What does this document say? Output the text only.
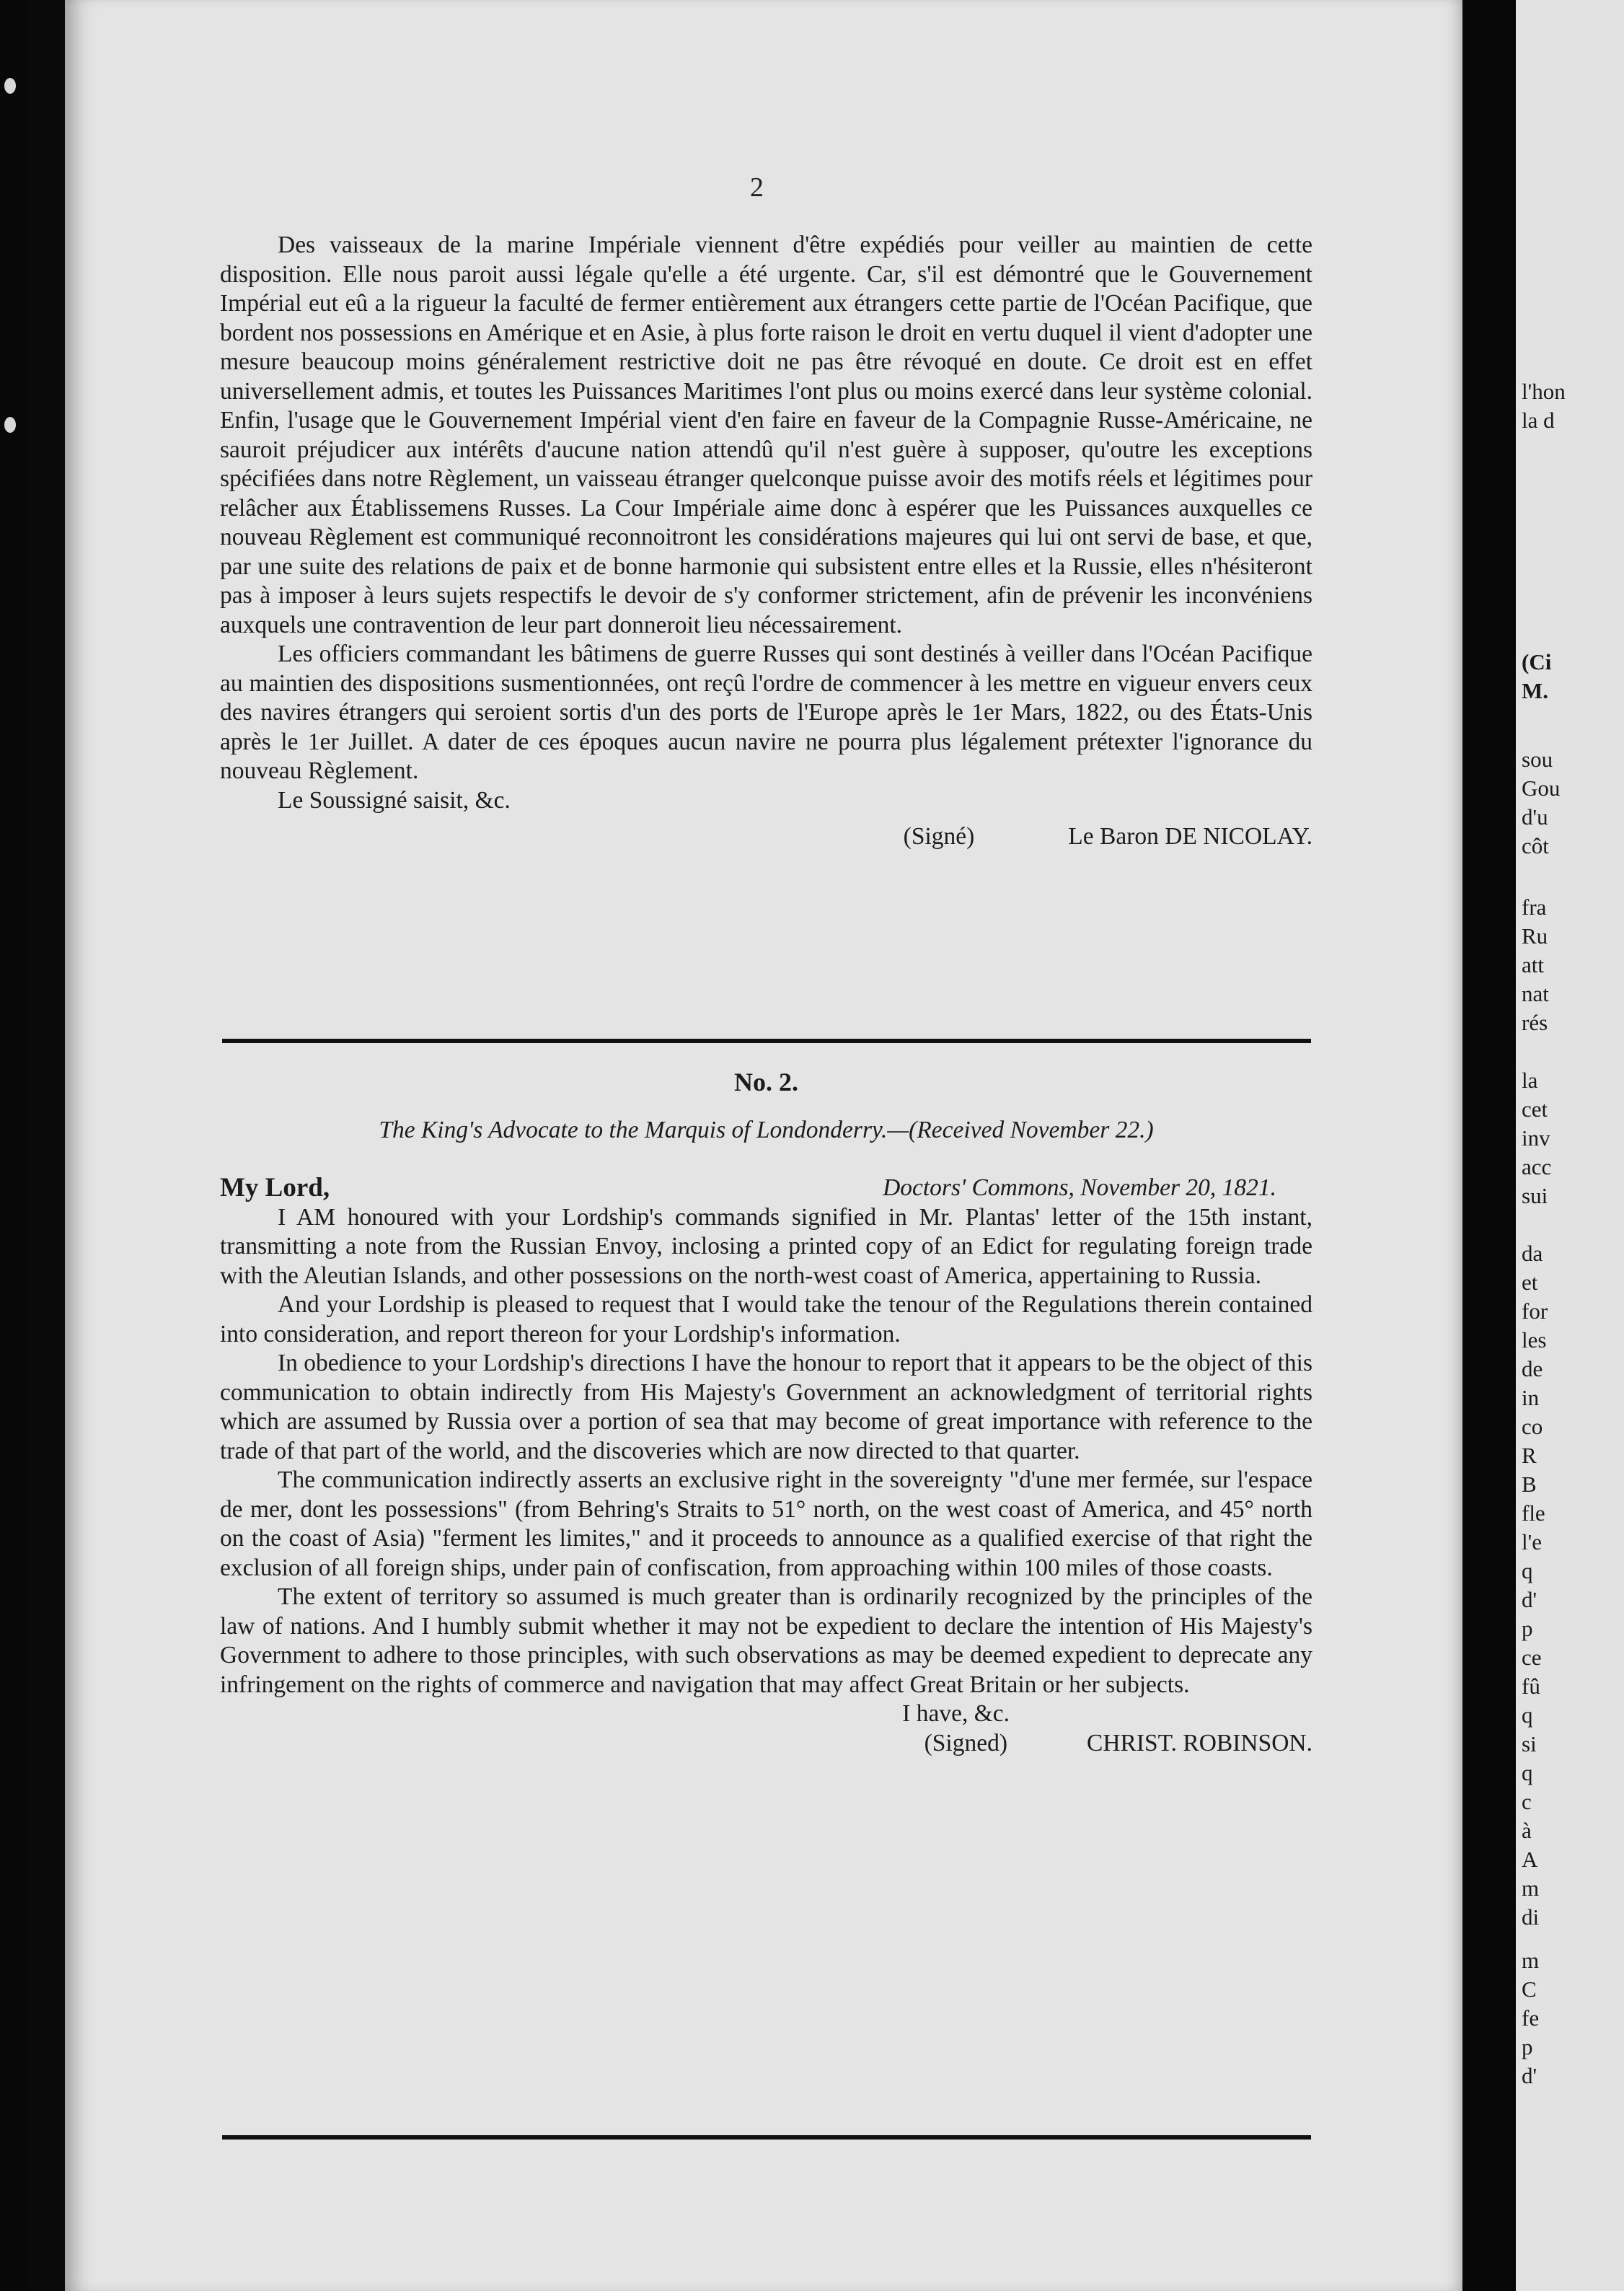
l'hon
la d
(Ci
M.
sou
Gou
d'u
côt
fra
Ru
att
nat
rés
la
cet
inv
acc
sui
da
et
for
les
de
in
co
R
B
fle
l'e
q
d'
p
ce
fû
q
si
q
c
à
A
m
di
m
C
fe
p
d'
2

Des vaisseaux de la marine Impériale viennent d'être expédiés pour veiller au maintien de cette disposition. Elle nous paroit aussi légale qu'elle a été urgente. Car, s'il est démontré que le Gouvernement Impérial eut eû a la rigueur la faculté de fermer entièrement aux étrangers cette partie de l'Océan Pacifique, que bordent nos possessions en Amérique et en Asie, à plus forte raison le droit en vertu duquel il vient d'adopter une mesure beaucoup moins généralement restrictive doit ne pas être révoqué en doute. Ce droit est en effet universellement admis, et toutes les Puissances Maritimes l'ont plus ou moins exercé dans leur système colonial. Enfin, l'usage que le Gouvernement Impérial vient d'en faire en faveur de la Compagnie Russe-Américaine, ne sauroit préjudicer aux intérêts d'aucune nation attendû qu'il n'est guère à supposer, qu'outre les exceptions spécifiées dans notre Règlement, un vaisseau étranger quelconque puisse avoir des motifs réels et légitimes pour relâcher aux Établissemens Russes. La Cour Impériale aime donc à espérer que les Puissances auxquelles ce nouveau Règlement est communiqué reconnoitront les considérations majeures qui lui ont servi de base, et que, par une suite des relations de paix et de bonne harmonie qui subsistent entre elles et la Russie, elles n'hésiteront pas à imposer à leurs sujets respectifs le devoir de s'y conformer strictement, afin de prévenir les inconvéniens auxquels une contravention de leur part donneroit lieu nécessairement.

Les officiers commandant les bâtimens de guerre Russes qui sont destinés à veiller dans l'Océan Pacifique au maintien des dispositions susmentionnées, ont reçû l'ordre de commencer à les mettre en vigueur envers ceux des navires étrangers qui seroient sortis d'un des ports de l'Europe après le 1er Mars, 1822, ou des États-Unis après le 1er Juillet. A dater de ces époques aucun navire ne pourra plus légalement prétexter l'ignorance du nouveau Règlement.

Le Soussigné saisit, &c.

(Signé)	Le Baron DE NICOLAY.

No. 2.

The King's Advocate to the Marquis of Londonderry.—(Received November 22.)

My Lord,	Doctors' Commons, November 20, 1821.

I AM honoured with your Lordship's commands signified in Mr. Plantas' letter of the 15th instant, transmitting a note from the Russian Envoy, inclosing a printed copy of an Edict for regulating foreign trade with the Aleutian Islands, and other possessions on the north-west coast of America, appertaining to Russia.

And your Lordship is pleased to request that I would take the tenour of the Regulations therein contained into consideration, and report thereon for your Lordship's information.

In obedience to your Lordship's directions I have the honour to report that it appears to be the object of this communication to obtain indirectly from His Majesty's Government an acknowledgment of territorial rights which are assumed by Russia over a portion of sea that may become of great importance with reference to the trade of that part of the world, and the discoveries which are now directed to that quarter.

The communication indirectly asserts an exclusive right in the sovereignty "d'une mer fermée, sur l'espace de mer, dont les possessions" (from Behring's Straits to 51° north, on the west coast of America, and 45° north on the coast of Asia) "ferment les limites," and it proceeds to announce as a qualified exercise of that right the exclusion of all foreign ships, under pain of confiscation, from approaching within 100 miles of those coasts.

The extent of territory so assumed is much greater than is ordinarily recognized by the principles of the law of nations. And I humbly submit whether it may not be expedient to declare the intention of His Majesty's Government to adhere to those principles, with such observations as may be deemed expedient to deprecate any infringement on the rights of commerce and navigation that may affect Great Britain or her subjects.

I have, &c.

(Signed)	CHRIST. ROBINSON.
